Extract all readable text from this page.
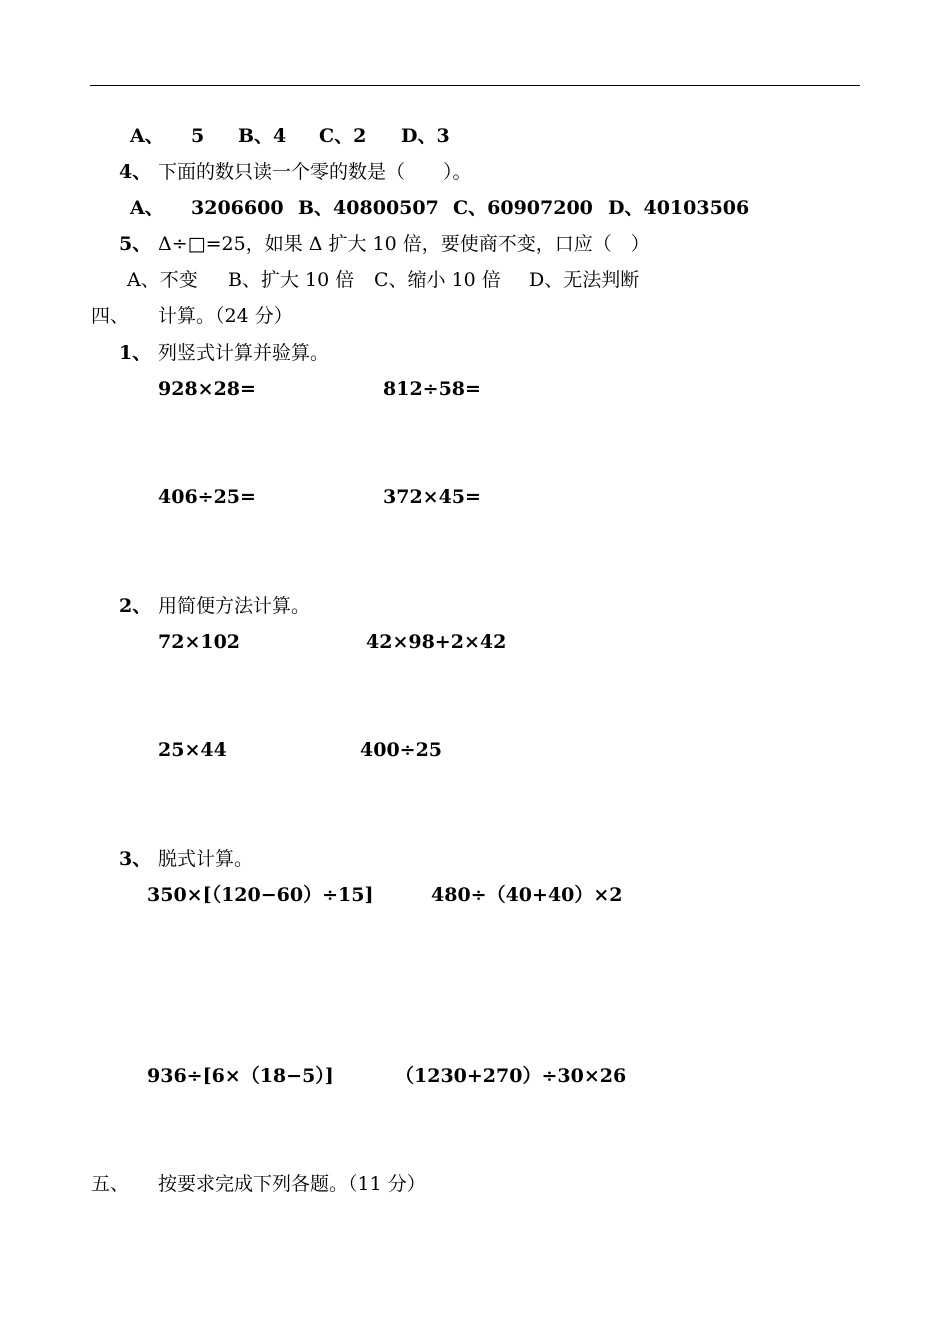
A、 5 B、4 C、2 D、3
4、 下面的数只读一个零的数是（　　）。
A、 3206600 B、40800507 C、60907200 D、40103506
5、 Δ÷□=25，如果 Δ 扩大 10 倍，要使商不变，口应（　）
A、不变 B、扩大 10 倍 C、缩小 10 倍 D、无法判断
四、 计算。（24 分）
1、 列竖式计算并验算。
928×28=	812÷58=
406÷25=	372×45=
2、 用简便方法计算。
72×102	42×98+2×42
25×44	400÷25
3、 脱式计算。
350×[（120−60）÷15]	480÷（40+40）×2
936÷[6×（18−5）]	（1230+270）÷30×26
五、 按要求完成下列各题。（11 分）
